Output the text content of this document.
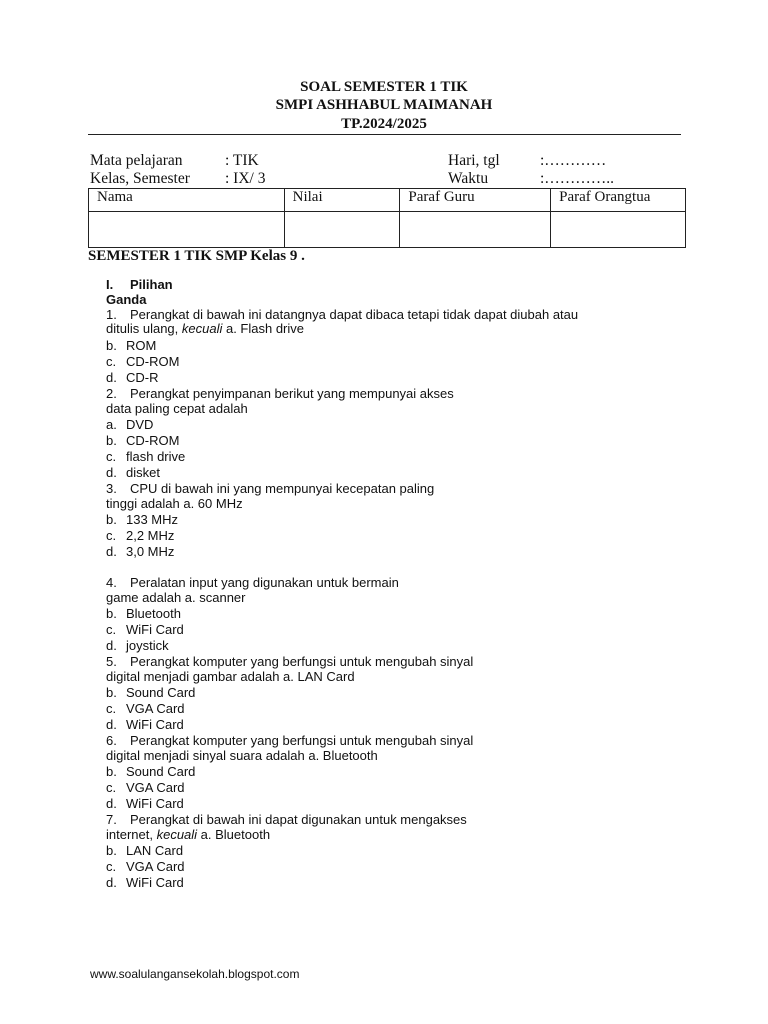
SOAL SEMESTER 1 TIK
SMPI ASHHABUL MAIMANAH
TP.2024/2025
Mata pelajaran	: TIK
Kelas, Semester : IX/ 3
Hari, tgl	:…………
Waktu	:…………..
Nama	Nilai	Paraf Guru	Paraf Orangtua

SEMESTER 1 TIK SMP Kelas 9 .
I. Pilihan
Ganda
1. Perangkat di bawah ini datangnya dapat dibaca tetapi tidak dapat diubah atau
ditulis ulang, kecuali a. Flash drive
b. ROM
c. CD-ROM
d. CD-R
2. Perangkat penyimpanan berikut yang mempunyai akses
data paling cepat adalah
a. DVD
b. CD-ROM
c. flash drive
d. disket
3. CPU di bawah ini yang mempunyai kecepatan paling
tinggi adalah a. 60 MHz
b. 133 MHz
c. 2,2 MHz
d. 3,0 MHz
4. Peralatan input yang digunakan untuk bermain
game adalah a. scanner
b. Bluetooth
c. WiFi Card
d. joystick
5. Perangkat komputer yang berfungsi untuk mengubah sinyal
digital menjadi gambar adalah a. LAN Card
b. Sound Card
c. VGA Card
d. WiFi Card
6. Perangkat komputer yang berfungsi untuk mengubah sinyal
digital menjadi sinyal suara adalah a. Bluetooth
b. Sound Card
c. VGA Card
d. WiFi Card
7. Perangkat di bawah ini dapat digunakan untuk mengakses
internet, kecuali a. Bluetooth
b. LAN Card
c. VGA Card
d. WiFi Card
www.soalulangansekolah.blogspot.com
